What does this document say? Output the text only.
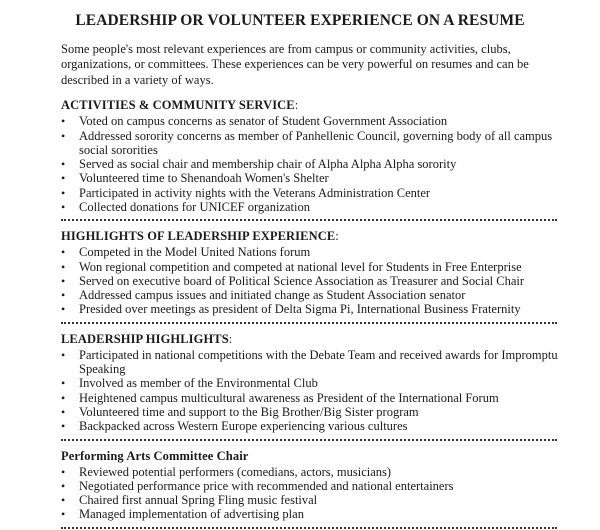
LEADERSHIP OR VOLUNTEER EXPERIENCE ON A RESUME

Some people's most relevant experiences are from campus or community activities, clubs,
organizations, or committees. These experiences can be very powerful on resumes and can be
described in a variety of ways.

ACTIVITIES & COMMUNITY SERVICE:
• Voted on campus concerns as senator of Student Government Association
• Addressed sorority concerns as member of Panhellenic Council, governing body of all campus
social sororities
• Served as social chair and membership chair of Alpha Alpha Alpha sorority
• Volunteered time to Shenandoah Women's Shelter
• Participated in activity nights with the Veterans Administration Center
• Collected donations for UNICEF organization
HIGHLIGHTS OF LEADERSHIP EXPERIENCE:
• Competed in the Model United Nations forum
• Won regional competition and competed at national level for Students in Free Enterprise
• Served on executive board of Political Science Association as Treasurer and Social Chair
• Addressed campus issues and initiated change as Student Association senator
• Presided over meetings as president of Delta Sigma Pi, International Business Fraternity
LEADERSHIP HIGHLIGHTS:
• Participated in national competitions with the Debate Team and received awards for Impromptu
Speaking
• Involved as member of the Environmental Club
• Heightened campus multicultural awareness as President of the International Forum
• Volunteered time and support to the Big Brother/Big Sister program
• Backpacked across Western Europe experiencing various cultures
Performing Arts Committee Chair
• Reviewed potential performers (comedians, actors, musicians)
• Negotiated performance price with recommended and national entertainers
• Chaired first annual Spring Fling music festival
• Managed implementation of advertising plan
